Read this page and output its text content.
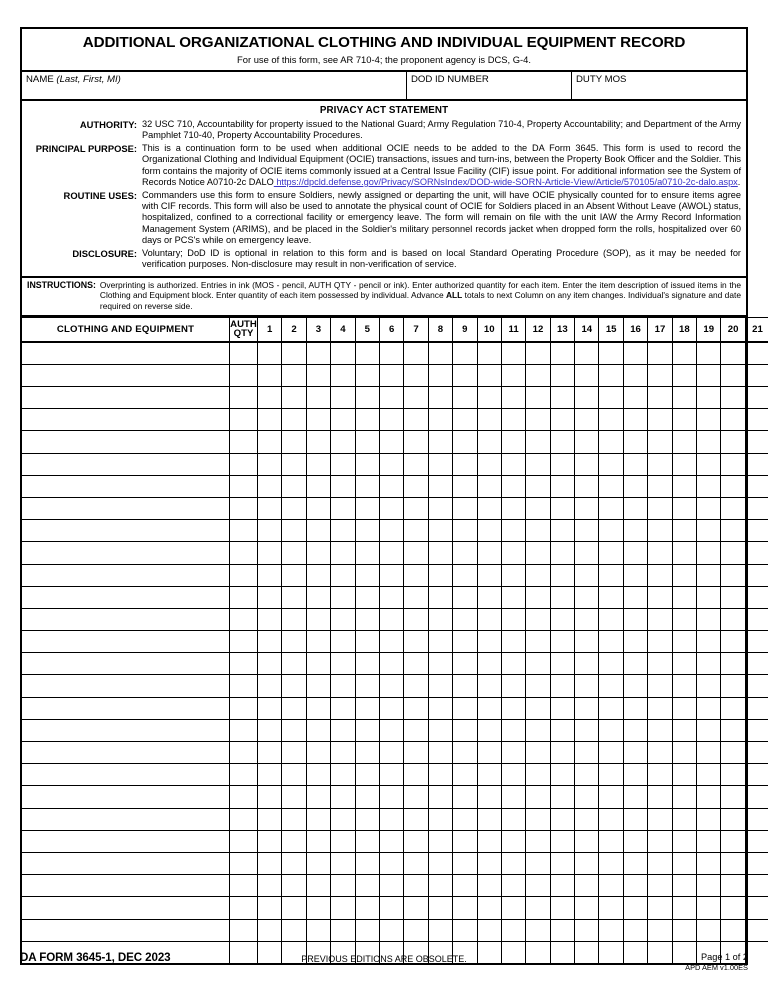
ADDITIONAL ORGANIZATIONAL CLOTHING AND INDIVIDUAL EQUIPMENT RECORD
For use of this form, see AR 710-4; the proponent agency is DCS, G-4.
NAME (Last, First, MI)	DOD ID NUMBER	DUTY MOS
PRIVACY ACT STATEMENT
AUTHORITY: 32 USC 710, Accountability for property issued to the National Guard; Army Regulation 710-4, Property Accountability; and Department of the Army Pamphlet 710-40, Property Accountability Procedures.
PRINCIPAL PURPOSE: This is a continuation form to be used when additional OCIE needs to be added to the DA Form 3645. This form is used to record the Organizational Clothing and Individual Equipment (OCIE) transactions, issues and turn-ins, between the Property Book Officer and the Soldier. This form contains the majority of OCIE items commonly issued at a Central Issue Facility (CIF) issue point. For additional information see the System of Records Notice A0710-2c DALO https://dpcld.defense.gov/Privacy/SORNsIndex/DOD-wide-SORN-Article-View/Article/570105/a0710-2c-dalo.aspx.
ROUTINE USES: Commanders use this form to ensure Soldiers, newly assigned or departing the unit, will have OCIE physically counted for to ensure items agree with CIF records. This form will also be used to annotate the physical count of OCIE for Soldiers placed in an Absent Without Leave (AWOL) status, hospitalized, confined to a correctional facility or emergency leave. The form will remain on file with the unit IAW the Army Record Information Management System (ARIMS), and be placed in the Soldier's military personnel records jacket when dropped form the rolls, hospitalized over 60 days or PCS's while on emergency leave.
DISCLOSURE: Voluntary; DoD ID is optional in relation to this form and is based on local Standard Operating Procedure (SOP), as it may be needed for verification purposes. Non-disclosure may result in non-verification of service.
INSTRUCTIONS: Overprinting is authorized. Entries in ink (MOS - pencil, AUTH QTY - pencil or ink). Enter authorized quantity for each item. Enter the item description of issued items in the Clothing and Equipment block. Enter quantity of each item possessed by individual. Advance ALL totals to next Column on any item changes. Individual's signature and date required on reverse side.
CLOTHING AND EQUIPMENT	AUTH
QTY	1	2	3	4	5	6	7	8	9	10	11	12	13	14	15	16	17	18	19	20	21

DA FORM 3645-1, DEC 2023	PREVIOUS EDITIONS ARE OBSOLETE.	Page 1 of 2
APD AEM v1.00ES
